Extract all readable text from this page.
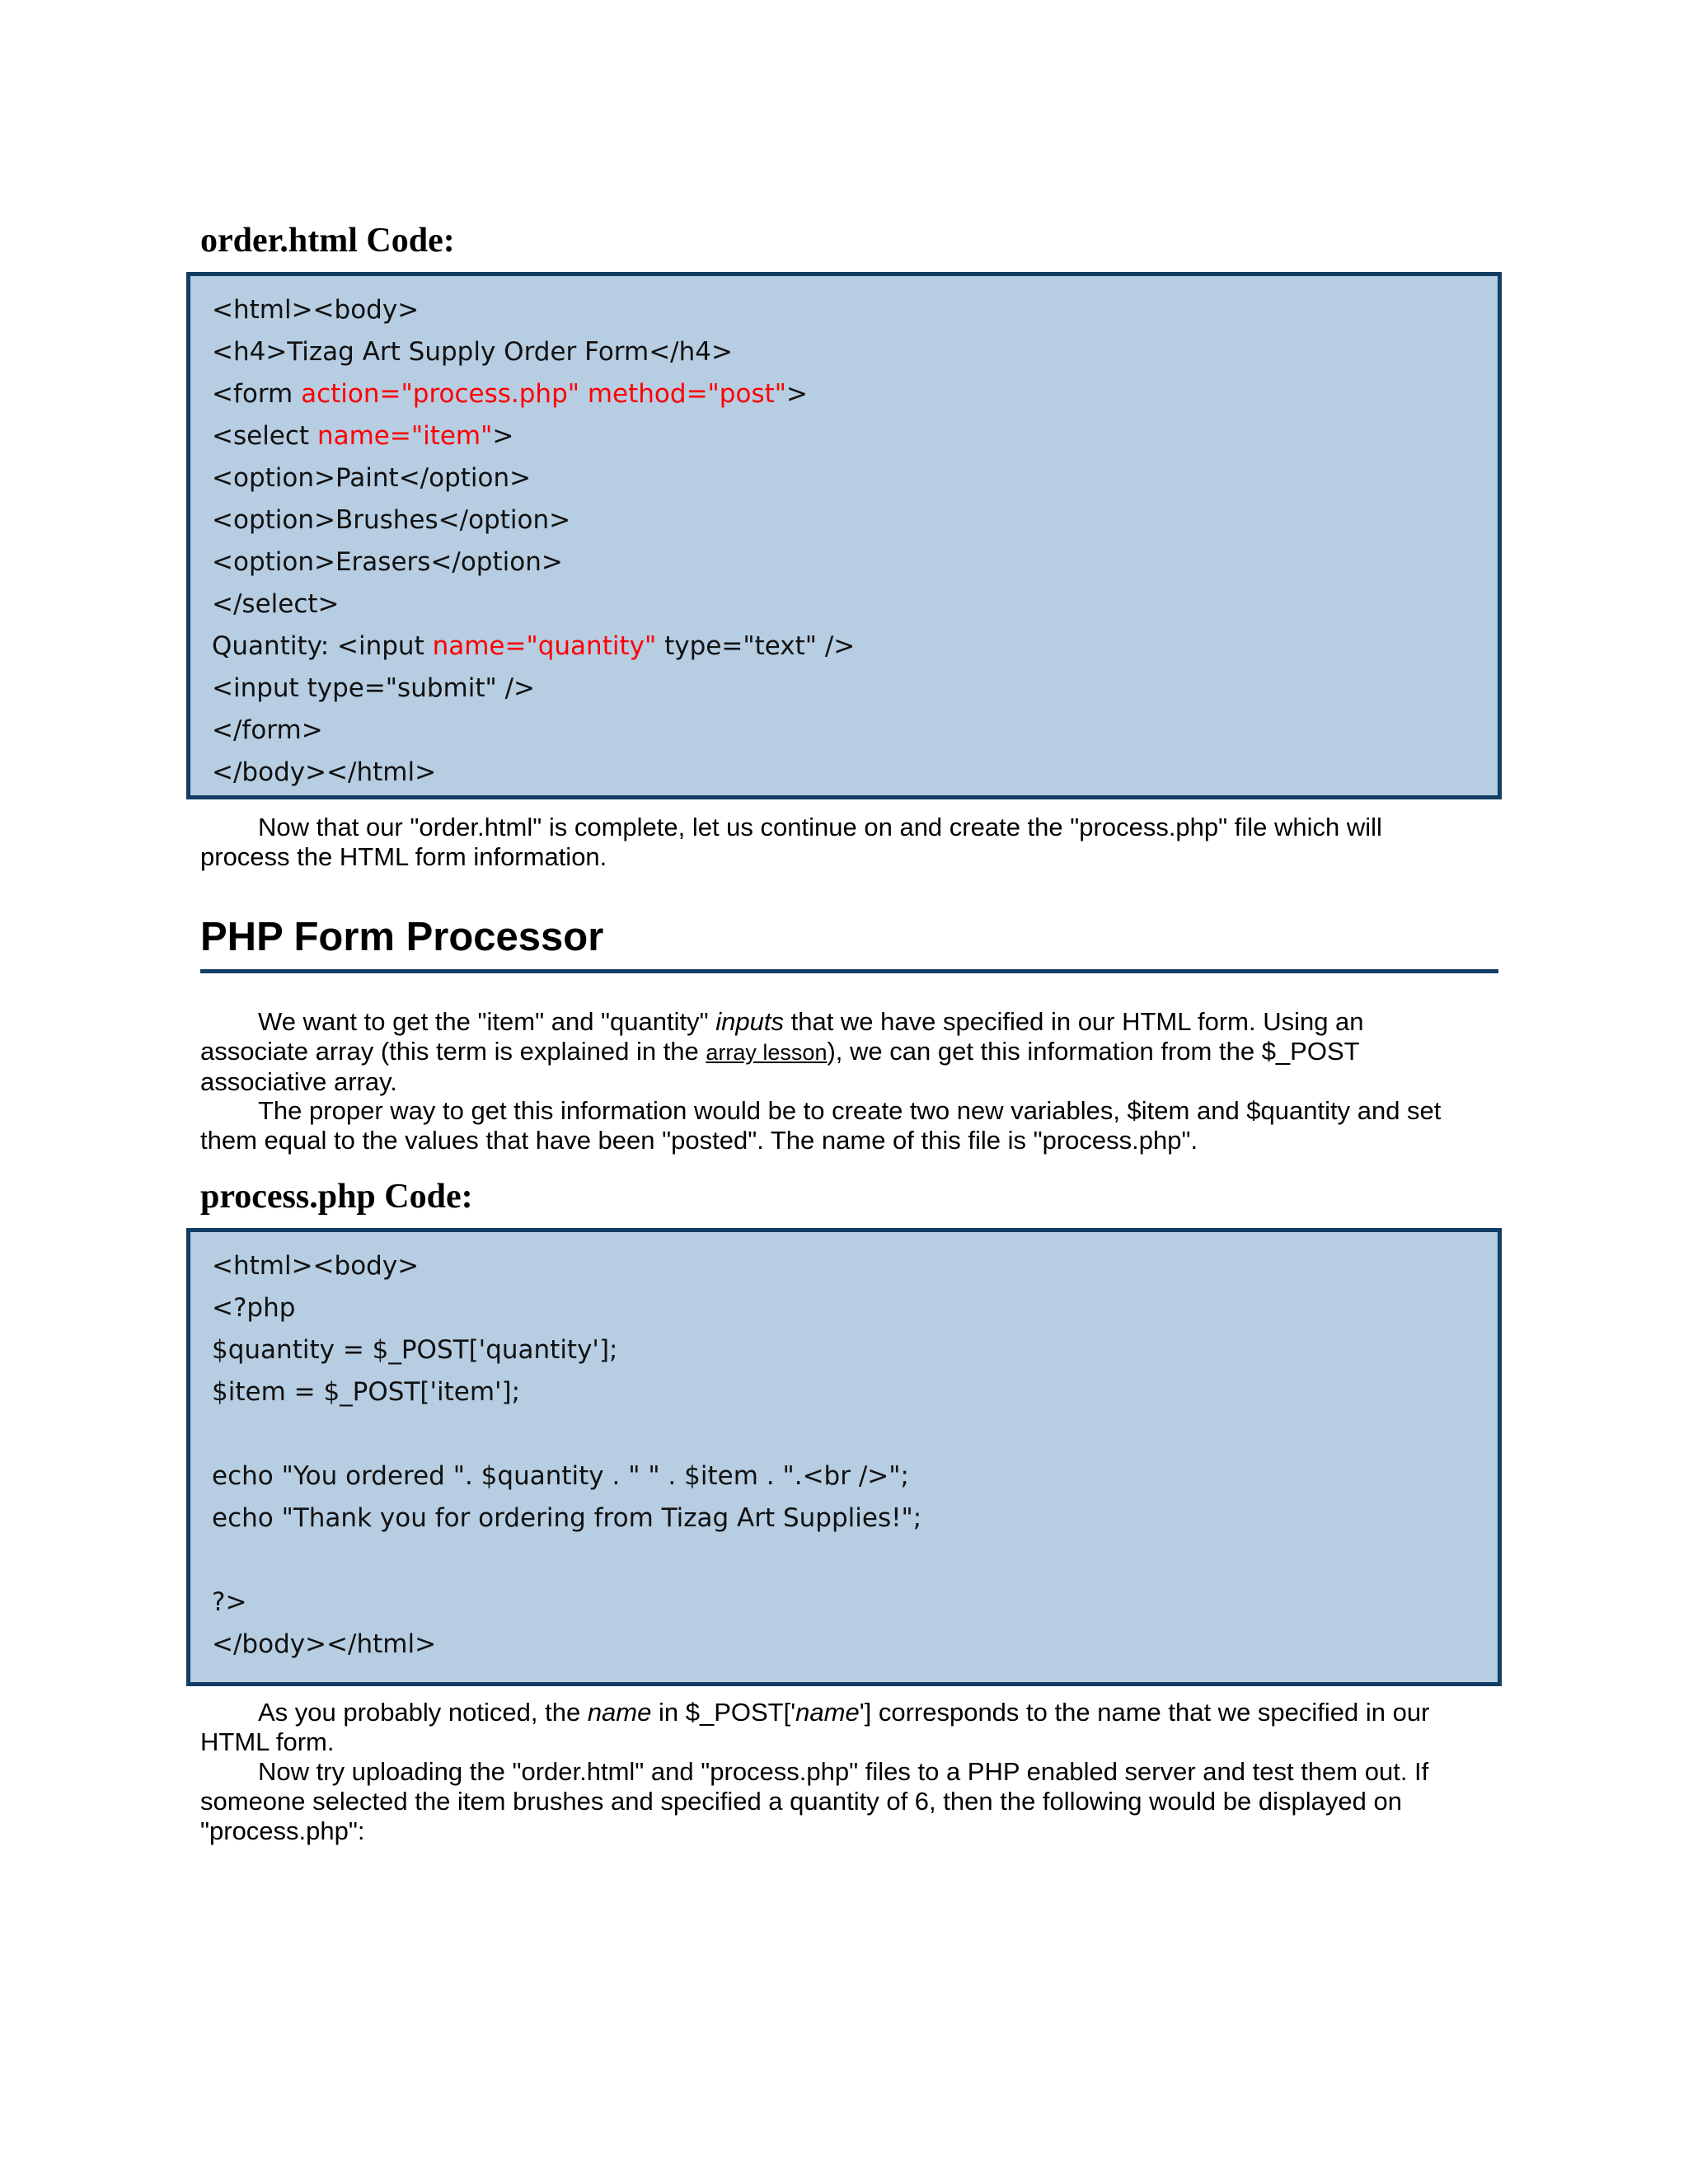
order.html Code:
<html><body>
<h4>Tizag Art Supply Order Form</h4>
<form action="process.php" method="post">
<select name="item">
<option>Paint</option>
<option>Brushes</option>
<option>Erasers</option>
</select>
Quantity: <input name="quantity" type="text" />
<input type="submit" />
</form>
</body></html>

Now that our "order.html" is complete, let us continue on and create the "process.php" file which will
process the HTML form information.

PHP Form Processor

We want to get the "item" and "quantity" inputs that we have specified in our HTML form. Using an
associate array (this term is explained in the array lesson), we can get this information from the $_POST
associative array.

The proper way to get this information would be to create two new variables, $item and $quantity and set
them equal to the values that have been "posted". The name of this file is "process.php".

process.php Code:
<html><body>
<?php
$quantity = $_POST['quantity'];
$item = $_POST['item'];
echo "You ordered ". $quantity . " " . $item . ".<br />";
echo "Thank you for ordering from Tizag Art Supplies!";
?>
</body></html>

As you probably noticed, the name in $_POST['name'] corresponds to the name that we specified in our
HTML form.

Now try uploading the "order.html" and "process.php" files to a PHP enabled server and test them out. If
someone selected the item brushes and specified a quantity of 6, then the following would be displayed on
"process.php":
